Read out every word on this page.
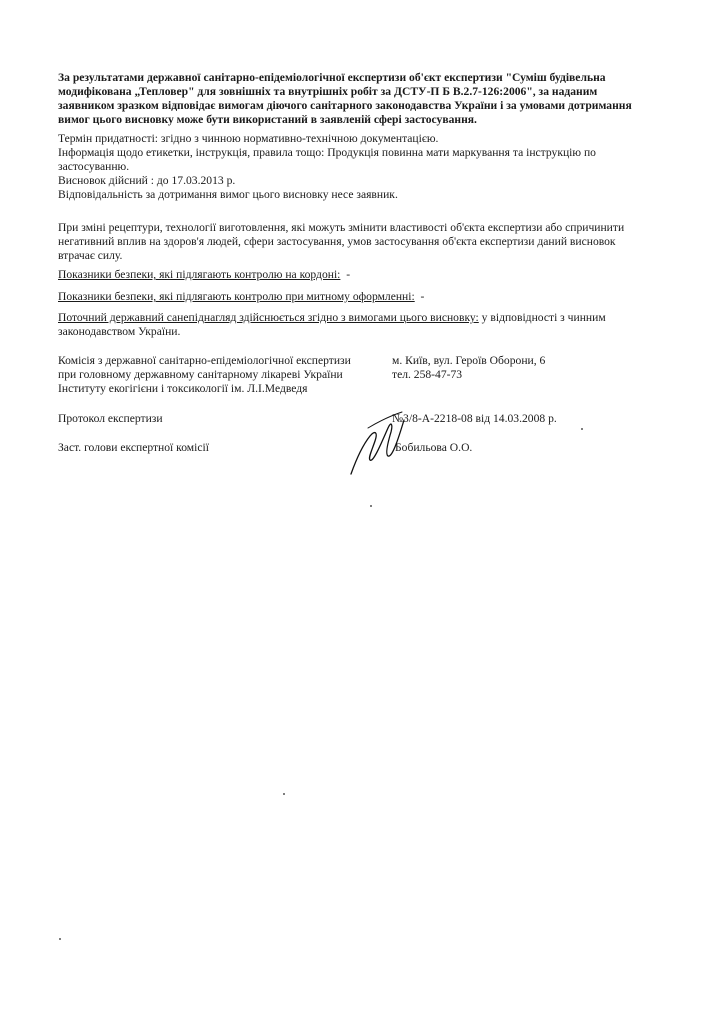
За результатами державної санітарно-епідеміологічної експертизи об'єкт експертизи "Суміш будівельна
модифікована „Тепловер" для зовнішніх та внутрішніх робіт за ДСТУ-П Б В.2.7-126:2006", за наданим
заявником зразком відповідає вимогам діючого санітарного законодавства України і за умовами дотримання
вимог цього висновку може бути використаний в заявленій сфері застосування.
Термін придатності: згідно з чинною нормативно-технічною документацією.
Інформація щодо етикетки, інструкція, правила тощо: Продукція повинна мати маркування та інструкцію по
застосуванню.
Висновок дійсний : до 17.03.2013 р.
Відповідальність за дотримання вимог цього висновку несе заявник.
При зміні рецептури, технології виготовлення, які можуть змінити властивості об'єкта експертизи або спричинити
негативний вплив на здоров'я людей, сфери застосування, умов застосування об'єкта експертизи даний висновок
втрачає силу.
Показники безпеки, які підлягають контролю на кордоні: -
Показники безпеки, які підлягають контролю при митному оформленні: -
Поточний державний санепіднагляд здійснюється згідно з вимогами цього висновку: у відповідності з чинним
законодавством України.
Комісія з державної санітарно-епідеміологічної експертизи
при головному державному санітарному лікареві України
Інституту екогігієни і токсикології ім. Л.І.Медведя
м. Київ, вул. Героїв Оборони, 6
тел. 258-47-73
Протокол експертизи	№3/8-А-2218-08 від 14.03.2008 р.
Заст. голови експертної комісії	Бобильова О.О.
